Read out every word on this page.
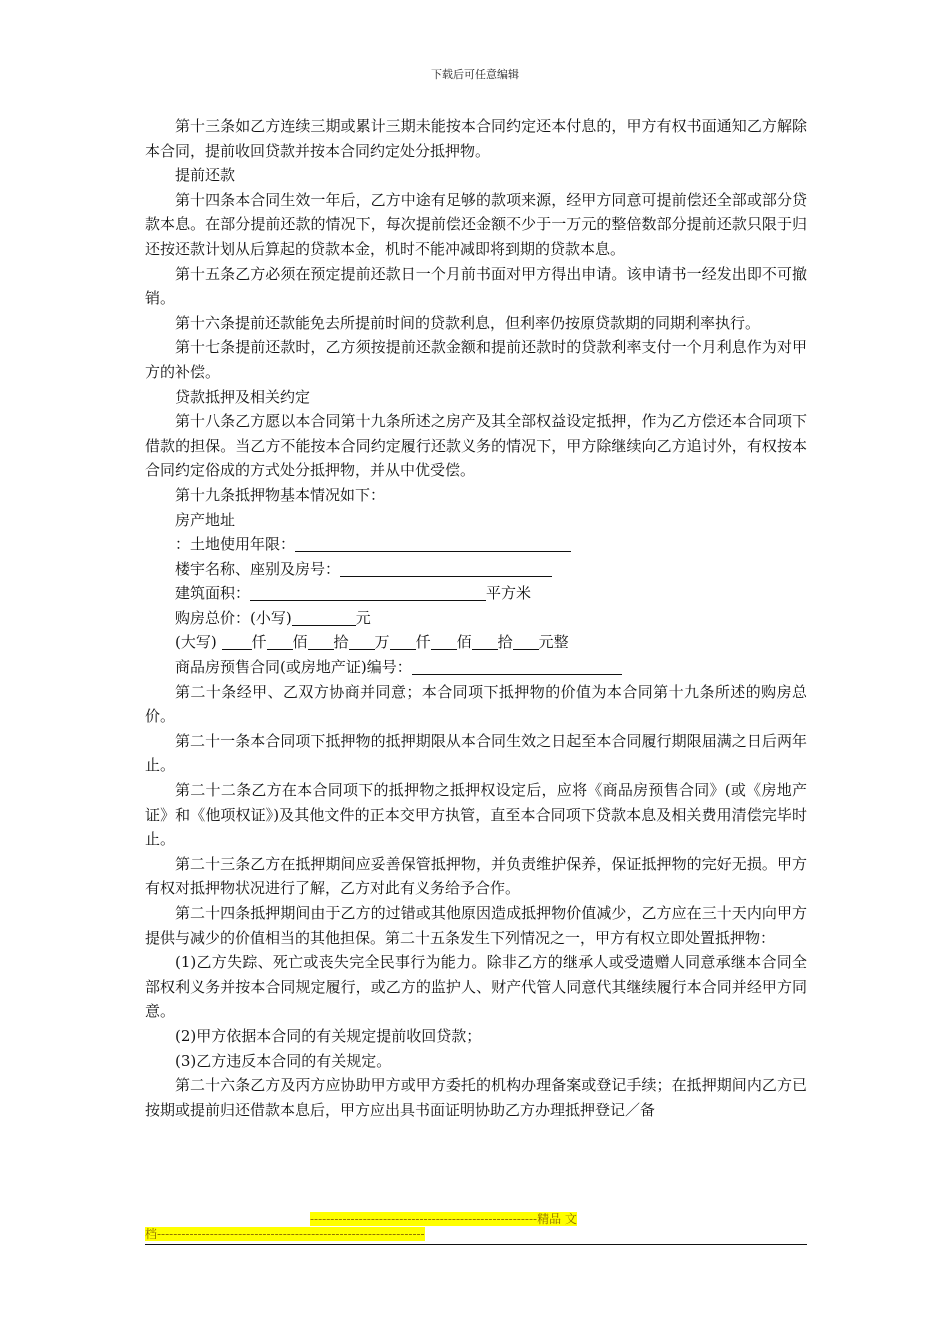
下载后可任意编辑

第十三条如乙方连续三期或累计三期未能按本合同约定还本付息的，甲方有权书面通知乙方解除本合同，提前收回贷款并按本合同约定处分抵押物。

提前还款

第十四条本合同生效一年后，乙方中途有足够的款项来源，经甲方同意可提前偿还全部或部分贷款本息。在部分提前还款的情况下，每次提前偿还金额不少于一万元的整倍数部分提前还款只限于归还按还款计划从后算起的贷款本金，机时不能冲减即将到期的贷款本息。

第十五条乙方必须在预定提前还款日一个月前书面对甲方得出申请。该申请书一经发出即不可撤销。

第十六条提前还款能免去所提前时间的贷款利息，但利率仍按原贷款期的同期利率执行。

第十七条提前还款时，乙方须按提前还款金额和提前还款时的贷款利率支付一个月利息作为对甲方的补偿。

贷款抵押及相关约定

第十八条乙方愿以本合同第十九条所述之房产及其全部权益设定抵押，作为乙方偿还本合同项下借款的担保。当乙方不能按本合同约定履行还款义务的情况下，甲方除继续向乙方追讨外，有权按本合同约定俗成的方式处分抵押物，并从中优受偿。

第十九条抵押物基本情况如下：

房产地址

：土地使用年限：

楼宇名称、座别及房号：

建筑面积：	平方米

购房总价：(小写)	元

(大写) 仟 佰 拾 万 仟 佰 拾 元整

商品房预售合同(或房地产证)编号：

第二十条经甲、乙双方协商并同意；本合同项下抵押物的价值为本合同第十九条所述的购房总价。

第二十一条本合同项下抵押物的抵押期限从本合同生效之日起至本合同履行期限届满之日后两年止。

第二十二条乙方在本合同项下的抵押物之抵押权设定后，应将《商品房预售合同》(或《房地产证》和《他项权证》)及其他文件的正本交甲方执管，直至本合同项下贷款本息及相关费用清偿完毕时止。

第二十三条乙方在抵押期间应妥善保管抵押物，并负责维护保养，保证抵押物的完好无损。甲方有权对抵押物状况进行了解，乙方对此有义务给予合作。

第二十四条抵押期间由于乙方的过错或其他原因造成抵押物价值减少，乙方应在三十天内向甲方提供与减少的价值相当的其他担保。第二十五条发生下列情况之一，甲方有权立即处置抵押物：

(1)乙方失踪、死亡或丧失完全民事行为能力。除非乙方的继承人或受遗赠人同意承继本合同全部权利义务并按本合同规定履行，或乙方的监护人、财产代管人同意代其继续履行本合同并经甲方同意。

(2)甲方依据本合同的有关规定提前收回贷款；

(3)乙方违反本合同的有关规定。

第二十六条乙方及丙方应协助甲方或甲方委托的机构办理备案或登记手续；在抵押期间内乙方已按期或提前归还借款本息后，甲方应出具书面证明协助乙方办理抵押登记／备

--------------------------------------------------------精品 文
档------------------------------------------------------------------
